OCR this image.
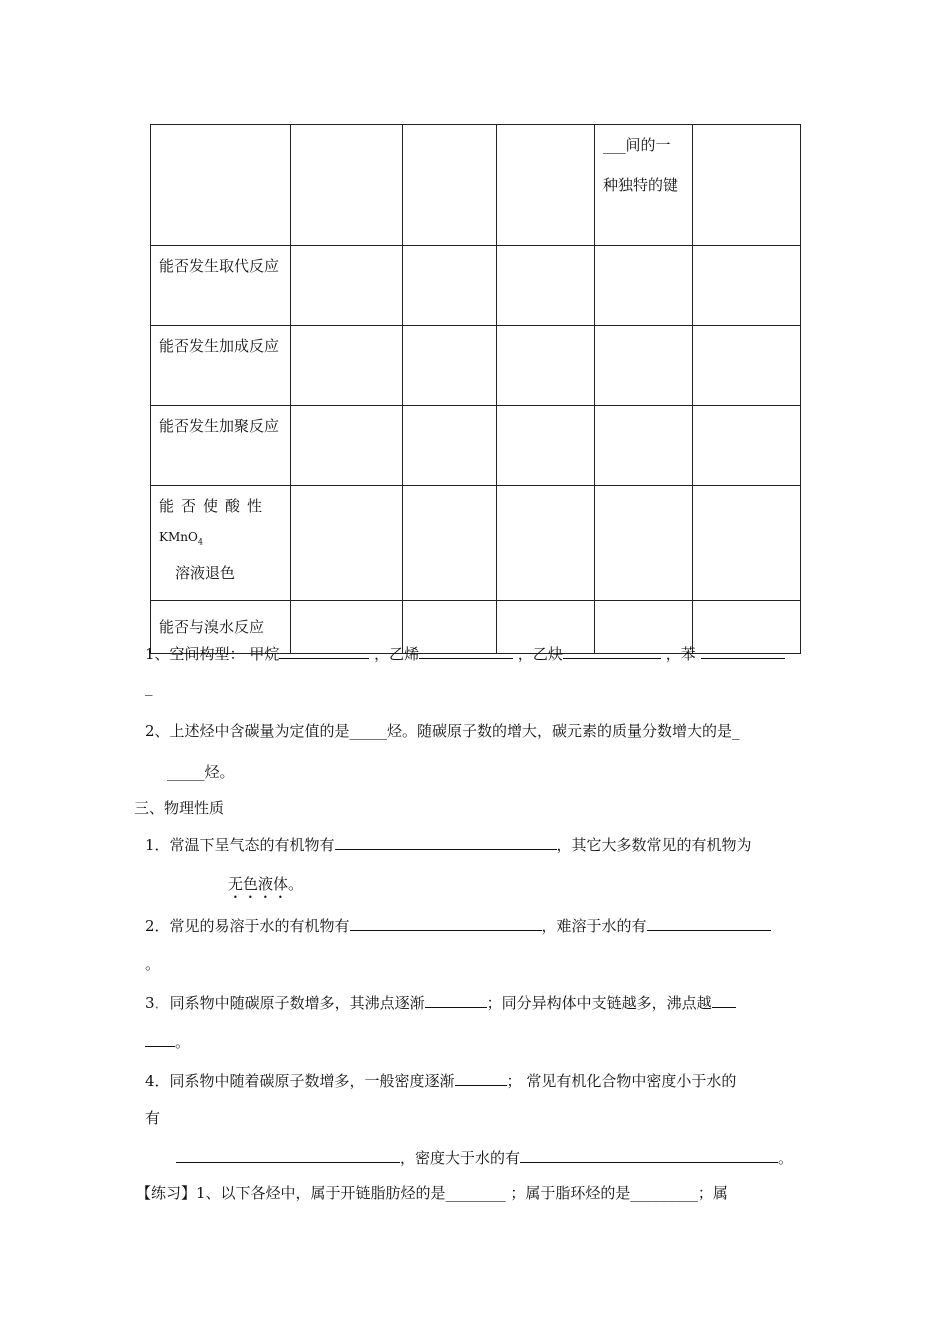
				___间的一种独特的键	
能否发生取代反应					
能否发生加成反应					
能否发生加聚反应					

能否使酸性
KMnO$_4$
溶液退色					

能否与溴水反应					
1、空间构型： 甲烷	，乙烯	，乙炔	，苯
_
2、上述烃中含碳量为定值的是_____烃。随碳原子数的增大，碳元素的质量分数增大的是_
_____烃。
三、物理性质
1．常温下呈气态的有机物有	，其它大多数常见的有机物为
无色液体。
2．常见的易溶于水的有机物有	，难溶于水的有
。
3．同系物中随碳原子数增多，其沸点逐渐	；同分异构体中支链越多，沸点越
。
4．同系物中随着碳原子数增多，一般密度逐渐	； 常见有机化合物中密度小于水的
有
，密度大于水的有	。
【练习】1、以下各烃中，属于开链脂肪烃的是________ ；属于脂环烃的是_________；属
